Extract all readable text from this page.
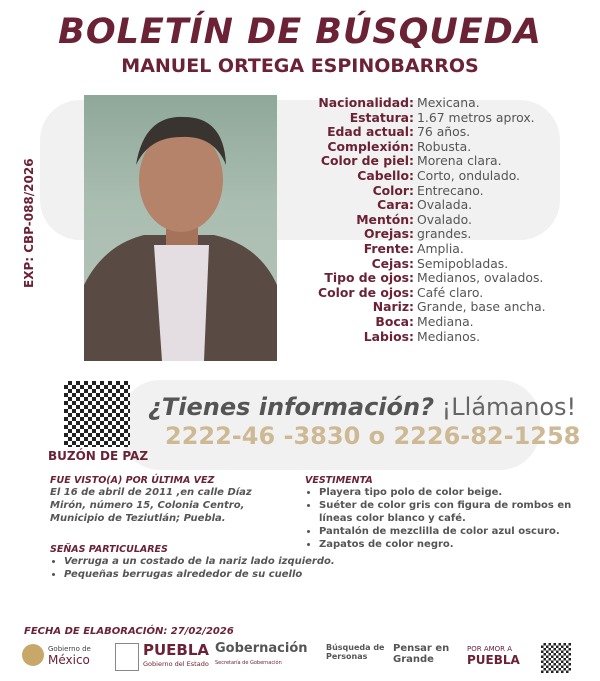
BOLETÍN DE BÚSQUEDA
MANUEL ORTEGA ESPINOBARROS
EXP: CBP-088/2026
Nacionalidad: Mexicana.
Estatura: 1.67 metros aprox.
Edad actual: 76 años.
Complexión: Robusta.
Color de piel: Morena clara.
Cabello: Corto, ondulado.
Color: Entrecano.
Cara: Ovalada.
Mentón: Ovalado.
Orejas: grandes.
Frente: Amplia.
Cejas: Semipobladas.
Tipo de ojos: Medianos, ovalados.
Color de ojos: Café claro.
Nariz: Grande, base ancha.
Boca: Mediana.
Labios: Medianos.
BUZÓN DE PAZ
¿Tienes información? ¡Llámanos!
2222-46 -3830 o 2226-82-1258
FUE VISTO(A) POR ÚLTIMA VEZ
El 16 de abril de 2011 ,en calle Díaz Mirón, número 15, Colonia Centro, Municipio de Teziutlán; Puebla.
VESTIMENTA
• Playera tipo polo de color beige.
• Suéter de color gris con figura de rombos en líneas color blanco y café.
• Pantalón de mezclilla de color azul oscuro.
• Zapatos de color negro.
SEÑAS PARTICULARES
• Verruga a un costado de la nariz lado izquierdo.
• Pequeñas berrugas alrededor de su cuello
FECHA DE ELABORACIÓN: 27/02/2026
Gobierno de
México
PUEBLA
Gobierno del Estado
Gobernación
Secretaría de Gobernación
Búsqueda de Personas
Pensar en Grande
POR AMOR A
PUEBLA
